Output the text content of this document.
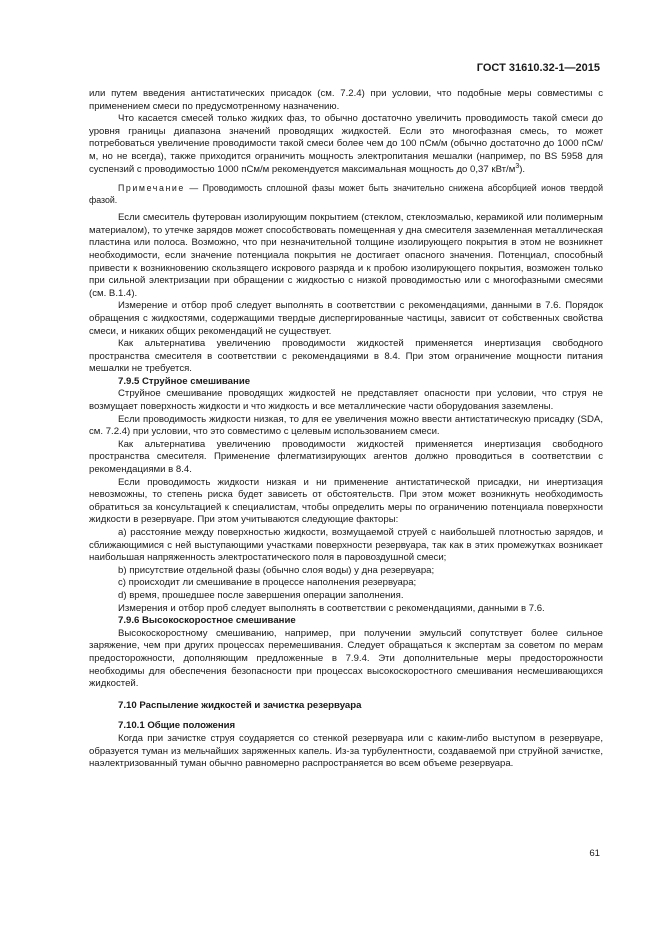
ГОСТ 31610.32-1—2015

или путем введения антистатических присадок (см. 7.2.4) при условии, что подобные меры совместимы с применением смеси по предусмотренному назначению.

Что касается смесей только жидких фаз, то обычно достаточно увеличить проводимость такой смеси до уровня границы диапазона значений проводящих жидкостей. Если это многофазная смесь, то может потребоваться увеличение проводимости такой смеси более чем до 100 пСм/м (обычно достаточно до 1000 пСм/м, но не всегда), также приходится ограничить мощность электропитания мешалки (например, по BS 5958 для суспензий с проводимостью 1000 пСм/м рекомендуется максимальная мощность до 0,37 кВт/$м^3$).

Примечание — Проводимость сплошной фазы может быть значительно снижена абсорбцией ионов твердой фазой.

Если смеситель футерован изолирующим покрытием (стеклом, стеклоэмалью, керамикой или полимерным материалом), то утечке зарядов может способствовать помещенная у дна смесителя заземленная металлическая пластина или полоса. Возможно, что при незначительной толщине изолирующего покрытия в этом не возникнет необходимости, если значение потенциала покрытия не достигает опасного значения. Потенциал, способный привести к возникновению скользящего искрового разряда и к пробою изолирующего покрытия, возможен только при сильной электризации при обращении с жидкостью с низкой проводимостью или с многофазными смесями (см. В.1.4).

Измерение и отбор проб следует выполнять в соответствии с рекомендациями, данными в 7.6. Порядок обращения с жидкостями, содержащими твердые диспергированные частицы, зависит от собственных свойства смеси, и никаких общих рекомендаций не существует.

Как альтернатива увеличению проводимости жидкостей применяется инертизация свободного пространства смесителя в соответствии с рекомендациями в 8.4. При этом ограничение мощности питания мешалки не требуется.

7.9.5 Струйное смешивание

Струйное смешивание проводящих жидкостей не представляет опасности при условии, что струя не возмущает поверхность жидкости и что жидкость и все металлические части оборудования заземлены.

Если проводимость жидкости низкая, то для ее увеличения можно ввести антистатическую присадку (SDA, см. 7.2.4) при условии, что это совместимо с целевым использованием смеси.

Как альтернатива увеличению проводимости жидкостей применяется инертизация свободного пространства смесителя. Применение флегматизирующих агентов должно проводиться в соответствии с рекомендациями в 8.4.

Если проводимость жидкости низкая и ни применение антистатической присадки, ни инертизация невозможны, то степень риска будет зависеть от обстоятельств. При этом может возникнуть необходимость обратиться за консультацией к специалистам, чтобы определить меры по ограничению потенциала поверхности жидкости в резервуаре. При этом учитываются следующие факторы:

a) расстояние между поверхностью жидкости, возмущаемой струей с наибольшей плотностью зарядов, и сближающимися с ней выступающими участками поверхности резервуара, так как в этих промежутках возникает наибольшая напряженность электростатического поля в паровоздушной смеси;

b) присутствие отдельной фазы (обычно слоя воды) у дна резервуара;

c) происходит ли смешивание в процессе наполнения резервуара;

d) время, прошедшее после завершения операции заполнения.

Измерения и отбор проб следует выполнять в соответствии с рекомендациями, данными в 7.6.

7.9.6 Высокоскоростное смешивание

Высокоскоростному смешиванию, например, при получении эмульсий сопутствует более сильное заряжение, чем при других процессах перемешивания. Следует обращаться к экспертам за советом по мерам предосторожности, дополняющим предложенные в 7.9.4. Эти дополнительные меры предосторожности необходимы для обеспечения безопасности при процессах высокоскоростного смешивания несмешивающихся жидкостей.

7.10 Распыление жидкостей и зачистка резервуара

7.10.1 Общие положения

Когда при зачистке струя соударяется со стенкой резервуара или с каким-либо выступом в резервуаре, образуется туман из мельчайших заряженных капель. Из-за турбулентности, создаваемой при струйной зачистке, наэлектризованный туман обычно равномерно распространяется во всем объеме резервуара.

61
